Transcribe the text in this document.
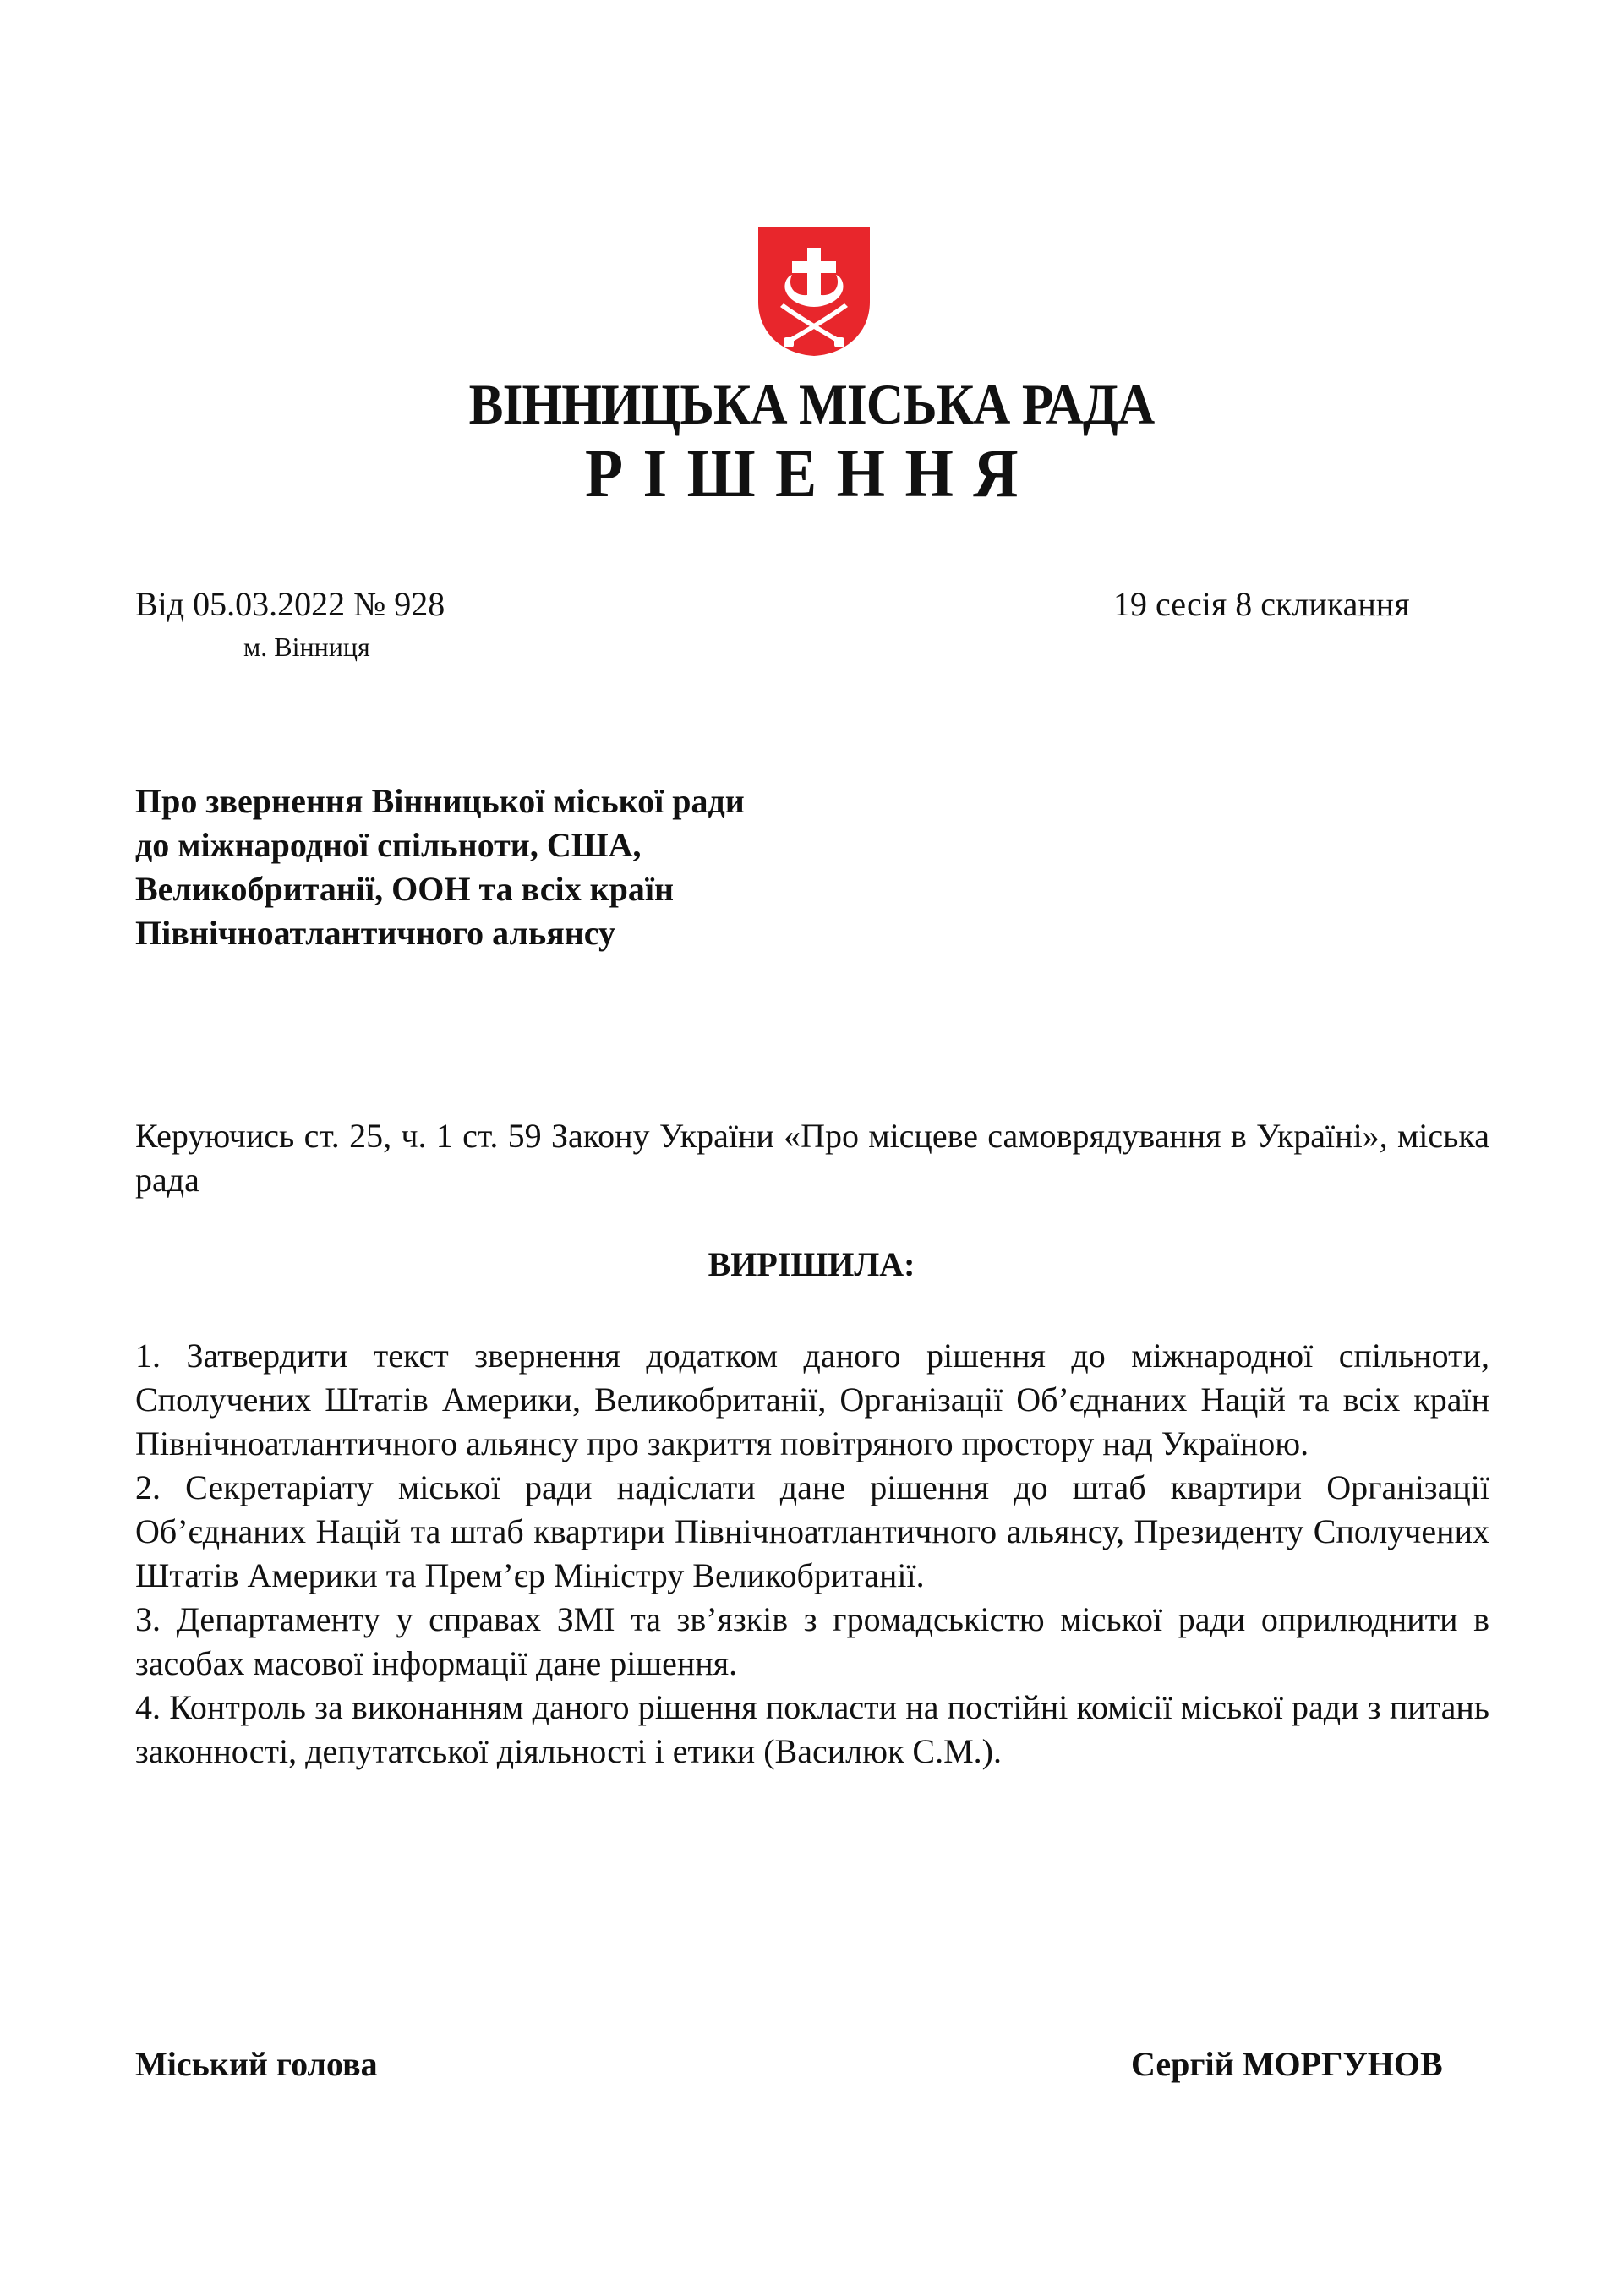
ВІННИЦЬКА МІСЬКА РАДА
РІШЕННЯ
Від 05.03.2022 № 928
м. Вінниця
19 сесія 8 скликання
Про звернення Вінницької міської ради
до міжнародної спільноти, США,
Великобританії, ООН та всіх країн
Північноатлантичного альянсу
Керуючись ст. 25, ч. 1 ст. 59 Закону України «Про місцеве самоврядування в Україні», міська рада
ВИРІШИЛА:
1. Затвердити текст звернення додатком даного рішення до міжнародної спільноти, Сполучених Штатів Америки, Великобританії, Організації Об’єднаних Націй та всіх країн Північноатлантичного альянсу про закриття повітряного простору над Україною.
2. Секретаріату міської ради надіслати дане рішення до штаб квартири Організації Об’єднаних Націй та штаб квартири Північноатлантичного альянсу, Президенту Сполучених Штатів Америки та Прем’єр Міністру Великобританії.
3. Департаменту у справах ЗМІ та зв’язків з громадськістю міської ради оприлюднити в засобах масової інформації дане рішення.
4. Контроль за виконанням даного рішення покласти на постійні комісії міської ради з питань законності, депутатської діяльності і етики (Василюк С.М.).
Міський голова	Сергій МОРГУНОВ
